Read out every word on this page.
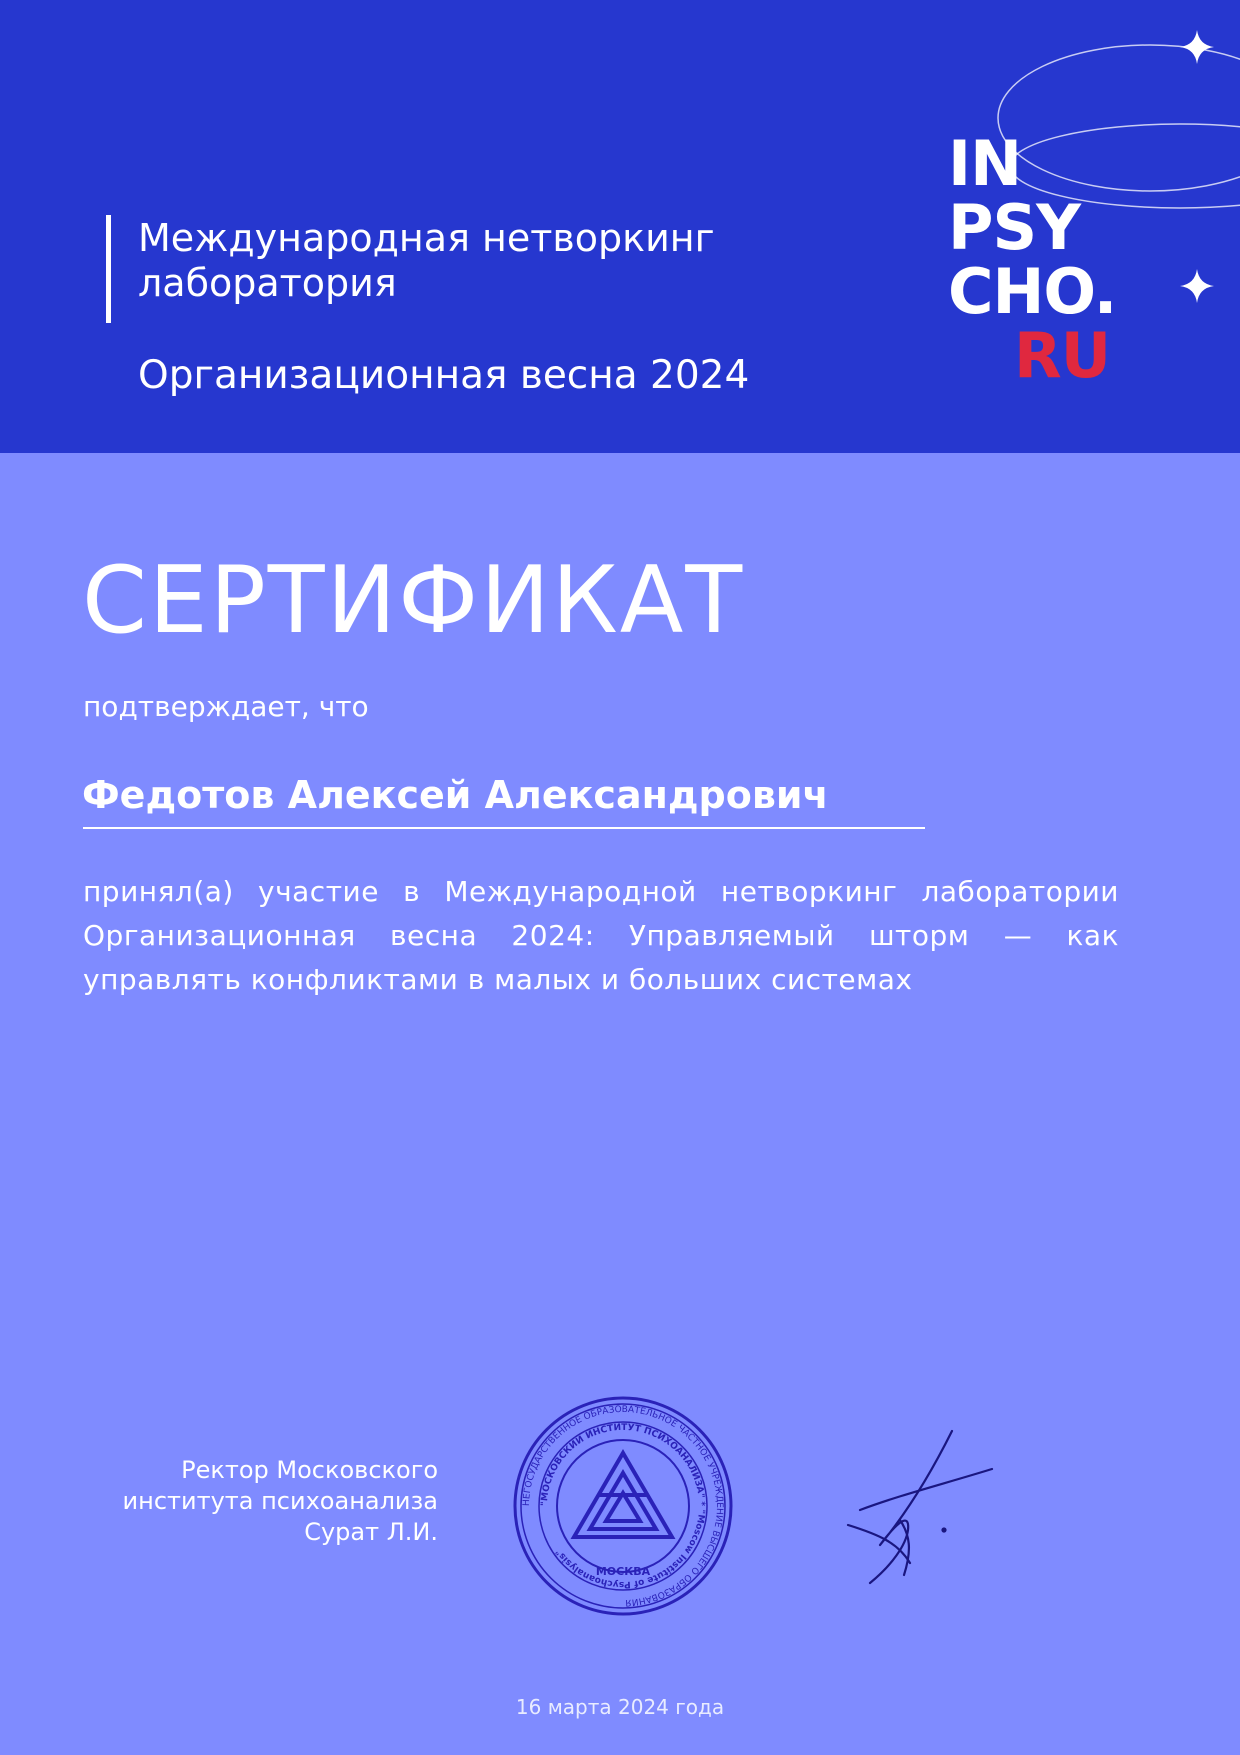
Международная нетворкинг лаборатория
Организационная весна 2024
IN
PSY
CHO.
RU
СЕРТИФИКАТ
подтверждает, что
Федотов Алексей Александрович
принял(а) участие в Международной нетворкинг лаборатории Организационная весна 2024: Управляемый шторм — как управлять конфликтами в малых и больших системах
Ректор Московского
института психоанализа
Сурат Л.И.
НЕГОСУДАРСТВЕННОЕ ОБРАЗОВАТЕЛЬНОЕ ЧАСТНОЕ УЧРЕЖДЕНИЕ ВЫСШЕГО ОБРАЗОВАНИЯ
"МОСКОВСКИЙ ИНСТИТУТ ПСИХОАНАЛИЗА" * "Moscow Institute of Psychoanalysis"
МОСКВА
16 марта 2024 года
